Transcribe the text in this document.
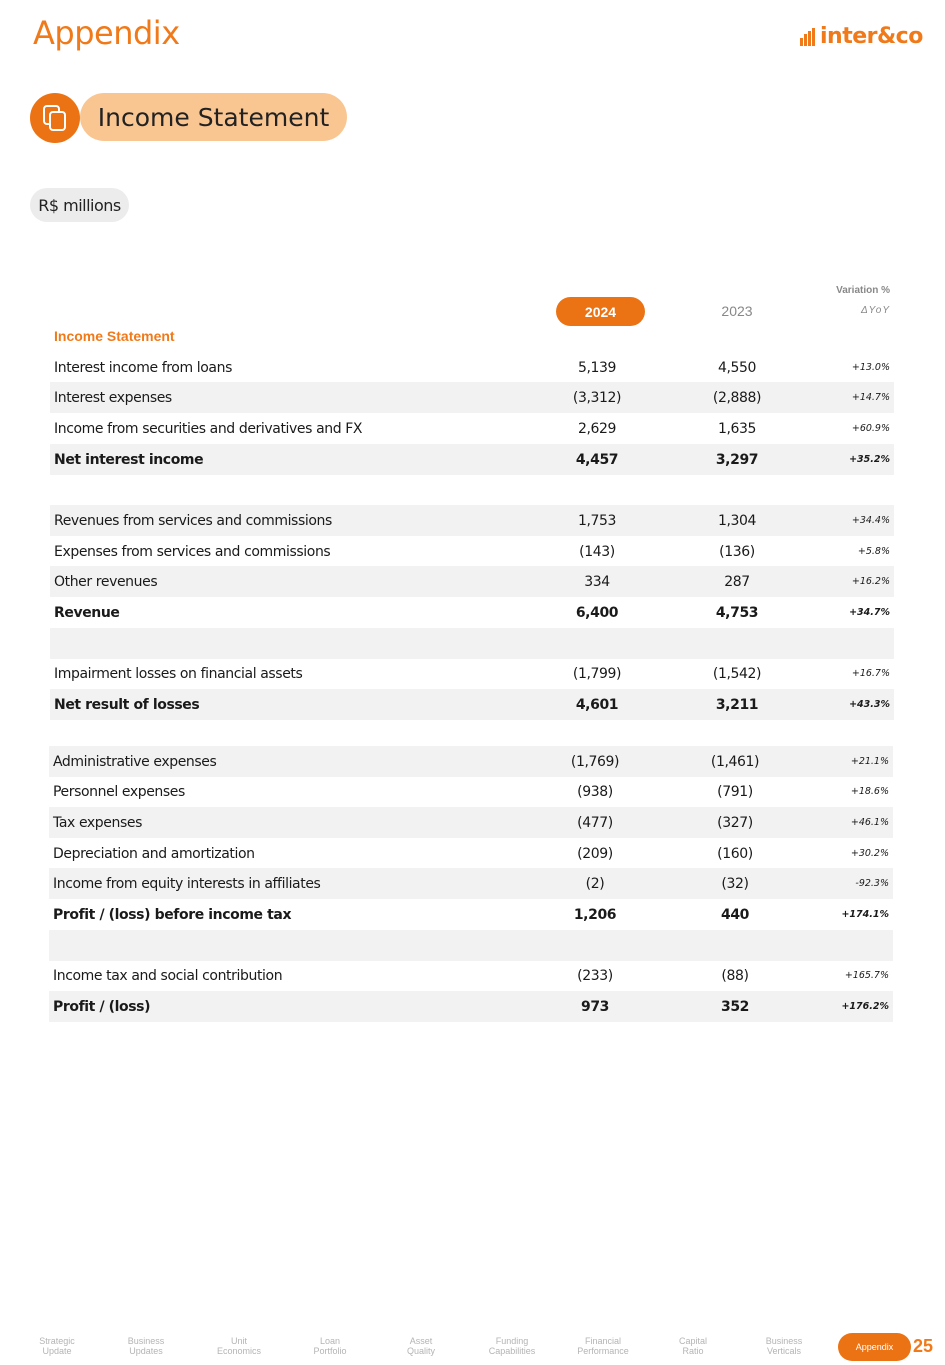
Appendix	inter&co
Income Statement
R$ millions
Variation %
ΔYoY
2024	2023
Income Statement
Interest income from loans	5,139	4,550	+13.0%
Interest expenses	(3,312)	(2,888)	+14.7%
Income from securities and derivatives and FX	2,629	1,635	+60.9%
Net interest income	4,457	3,297	+35.2%
Revenues from services and commissions	1,753	1,304	+34.4%
Expenses from services and commissions	(143)	(136)	+5.8%
Other revenues	334	287	+16.2%
Revenue	6,400	4,753	+34.7%
Impairment losses on financial assets	(1,799)	(1,542)	+16.7%
Net result of losses	4,601	3,211	+43.3%
Administrative expenses	(1,769)	(1,461)	+21.1%
Personnel expenses	(938)	(791)	+18.6%
Tax expenses	(477)	(327)	+46.1%
Depreciation and amortization	(209)	(160)	+30.2%
Income from equity interests in affiliates	(2)	(32)	-92.3%
Profit / (loss) before income tax	1,206	440	+174.1%
Income tax and social contribution	(233)	(88)	+165.7%
Profit / (loss)	973	352	+176.2%
Strategic
Update
Business
Updates
Unit
Economics
Loan
Portfolio
Asset
Quality
Funding
Capabilities
Financial
Performance
Capital
Ratio
Business
Verticals	Appendix	25
